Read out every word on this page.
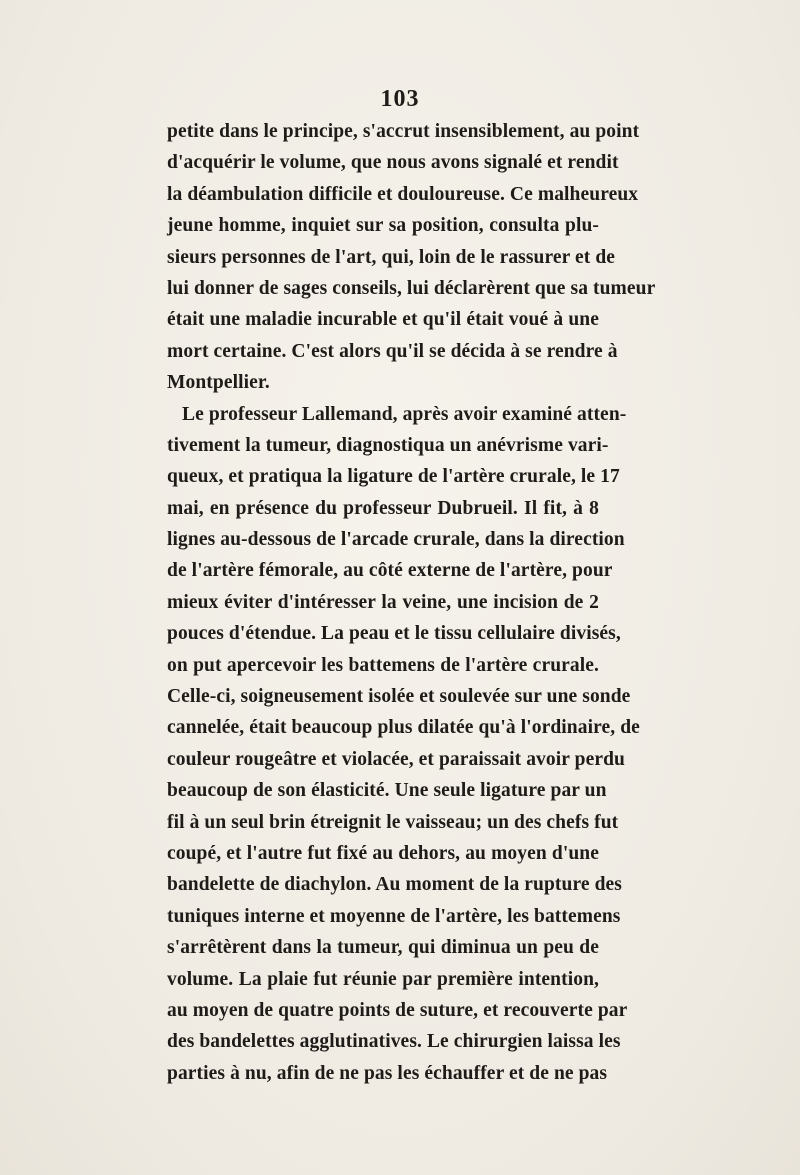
103
petite dans le principe, s'accrut insensiblement, au point
d'acquérir le volume, que nous avons signalé et rendit
la déambulation difficile et douloureuse. Ce malheureux
jeune homme, inquiet sur sa position, consulta plu-
sieurs personnes de l'art, qui, loin de le rassurer et de
lui donner de sages conseils, lui déclarèrent que sa tumeur
était une maladie incurable et qu'il était voué à une
mort certaine. C'est alors qu'il se décida à se rendre à
Montpellier.
Le professeur Lallemand, après avoir examiné atten-
tivement la tumeur, diagnostiqua un anévrisme vari-
queux, et pratiqua la ligature de l'artère crurale, le 17
mai, en présence du professeur Dubrueil. Il fit, à 8
lignes au-dessous de l'arcade crurale, dans la direction
de l'artère fémorale, au côté externe de l'artère, pour
mieux éviter d'intéresser la veine, une incision de 2
pouces d'étendue. La peau et le tissu cellulaire divisés,
on put apercevoir les battemens de l'artère crurale.
Celle-ci, soigneusement isolée et soulevée sur une sonde
cannelée, était beaucoup plus dilatée qu'à l'ordinaire, de
couleur rougeâtre et violacée, et paraissait avoir perdu
beaucoup de son élasticité. Une seule ligature par un
fil à un seul brin étreignit le vaisseau; un des chefs fut
coupé, et l'autre fut fixé au dehors, au moyen d'une
bandelette de diachylon. Au moment de la rupture des
tuniques interne et moyenne de l'artère, les battemens
s'arrêtèrent dans la tumeur, qui diminua un peu de
volume. La plaie fut réunie par première intention,
au moyen de quatre points de suture, et recouverte par
des bandelettes agglutinatives. Le chirurgien laissa les
parties à nu, afin de ne pas les échauffer et de ne pas
